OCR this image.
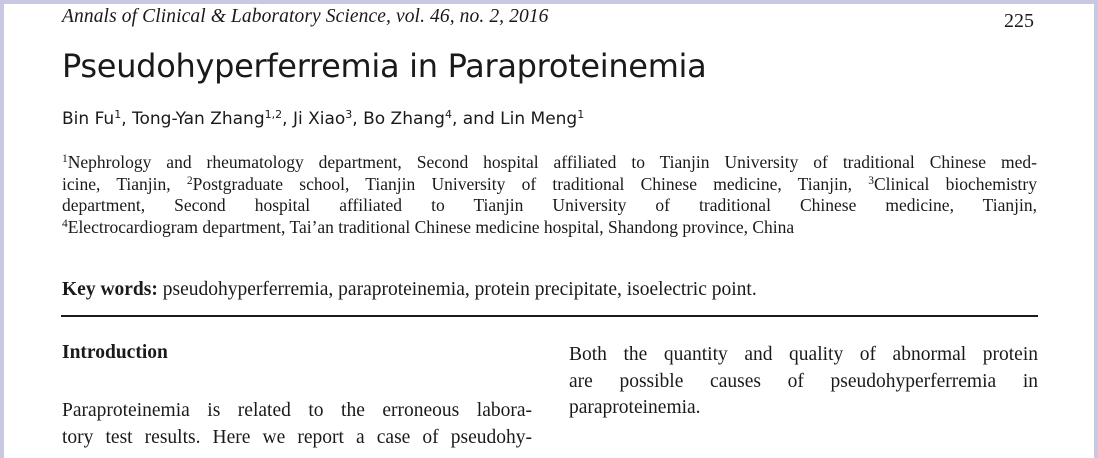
Annals of Clinical & Laboratory Science, vol. 46, no. 2, 2016	225
Pseudohyperferremia in Paraproteinemia
Bin Fu$^1$, Tong-Yan Zhang$^{1,2}$, Ji Xiao$^3$, Bo Zhang$^4$, and Lin Meng$^1$
$^1$Nephrology and rheumatology department, Second hospital affiliated to Tianjin University of traditional Chinese med-
icine, Tianjin, $^2$Postgraduate school, Tianjin University of traditional Chinese medicine, Tianjin, $^3$Clinical biochemistry
department, Second hospital affiliated to Tianjin University of traditional Chinese medicine, Tianjin,
$^4$Electrocardiogram department, Tai’an traditional Chinese medicine hospital, Shandong province, China
Key words: pseudohyperferremia, paraproteinemia, protein precipitate, isoelectric point.
Introduction
Paraproteinemia is related to the erroneous labora-
tory test results. Here we report a case of pseudohy-
Both the quantity and quality of abnormal protein
are possible causes of pseudohyperferremia in
paraproteinemia.
